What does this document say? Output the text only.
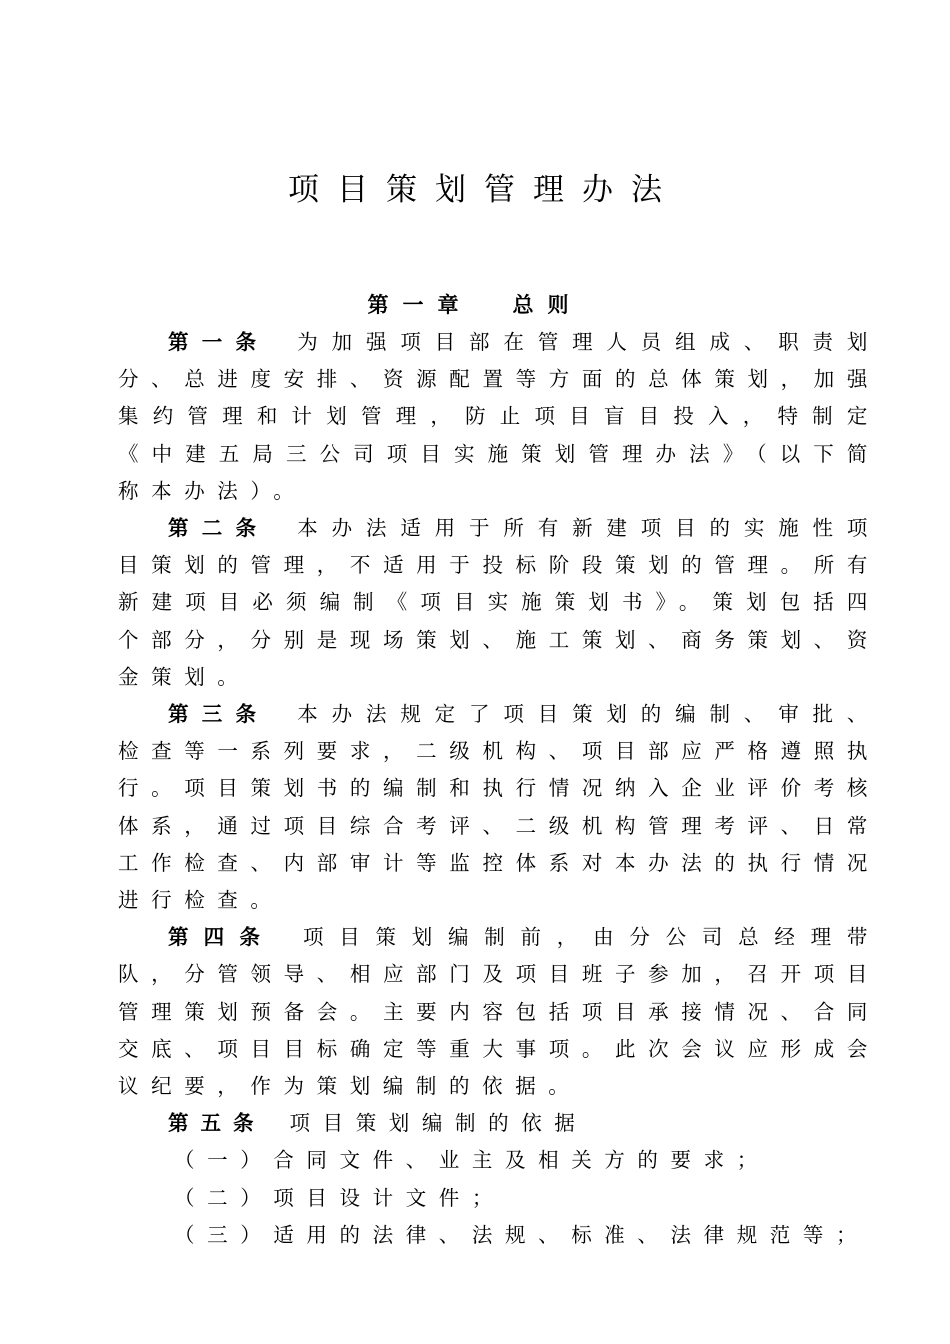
项目策划管理办法
第一章 总则

第一条 为加强项目部在管理人员组成、职责划分、总进度安排、资源配置等方面的总体策划，加强集约管理和计划管理，防止项目盲目投入，特制定《中建五局三公司项目实施策划管理办法》（以下简称本办法）。

第二条 本办法适用于所有新建项目的实施性项目策划的管理，不适用于投标阶段策划的管理。所有新建项目必须编制《项目实施策划书》。策划包括四个部分，分别是现场策划、施工策划、商务策划、资金策划。

第三条 本办法规定了项目策划的编制、审批、检查等一系列要求，二级机构、项目部应严格遵照执行。项目策划书的编制和执行情况纳入企业评价考核体系，通过项目综合考评、二级机构管理考评、日常工作检查、内部审计等监控体系对本办法的执行情况进行检查。

第四条 项目策划编制前，由分公司总经理带队，分管领导、相应部门及项目班子参加，召开项目管理策划预备会。主要内容包括项目承接情况、合同交底、项目目标确定等重大事项。此次会议应形成会议纪要，作为策划编制的依据。

第五条 项目策划编制的依据

（一）合同文件、业主及相关方的要求；

（二）项目设计文件；

（三）适用的法律、法规、标准、法律规范等；
